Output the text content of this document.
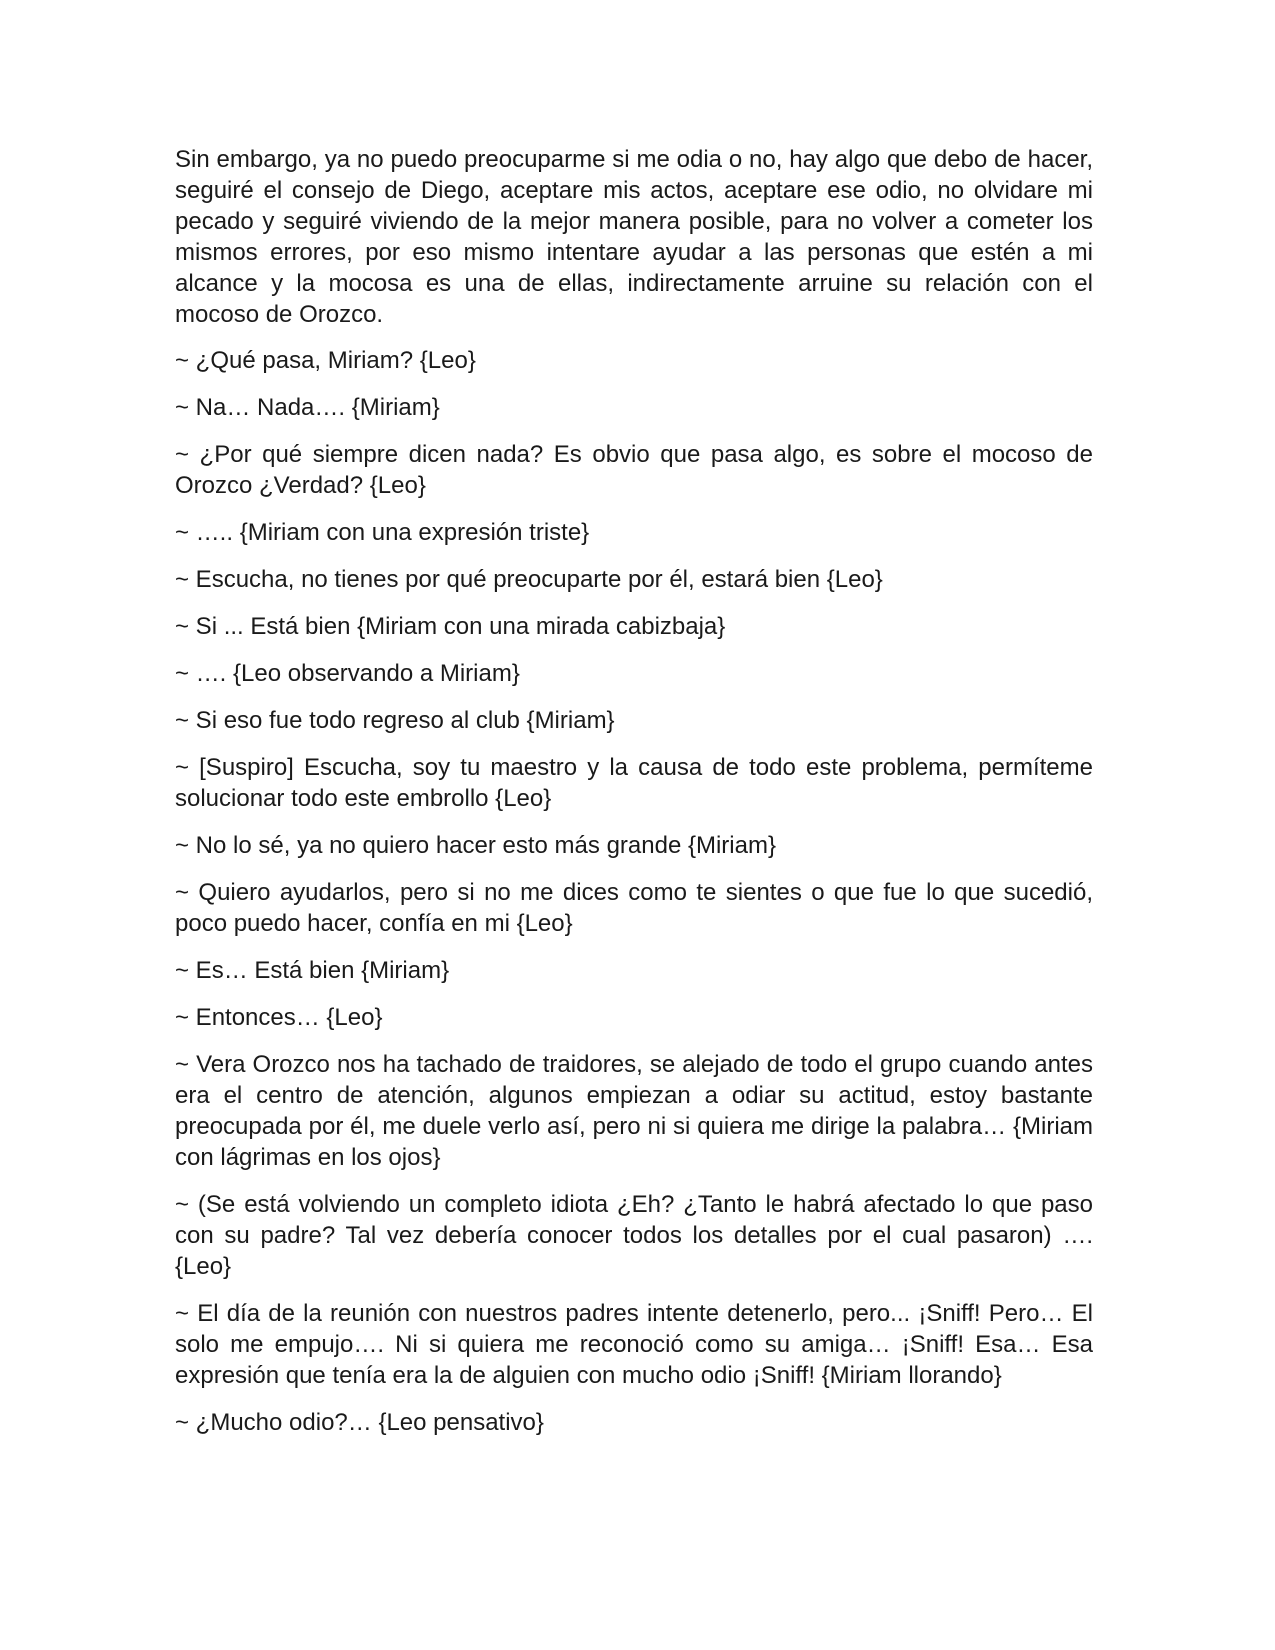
Sin embargo, ya no puedo preocuparme si me odia o no, hay algo que debo de hacer, seguiré el consejo de Diego, aceptare mis actos, aceptare ese odio, no olvidare mi pecado y seguiré viviendo de la mejor manera posible, para no volver a cometer los mismos errores, por eso mismo intentare ayudar a las personas que estén a mi alcance y la mocosa es una de ellas, indirectamente arruine su relación con el mocoso de Orozco.

~ ¿Qué pasa, Miriam? {Leo}

~ Na… Nada…. {Miriam}

~ ¿Por qué siempre dicen nada? Es obvio que pasa algo, es sobre el mocoso de Orozco ¿Verdad? {Leo}

~ ….. {Miriam con una expresión triste}

~ Escucha, no tienes por qué preocuparte por él, estará bien {Leo}

~ Si ... Está bien {Miriam con una mirada cabizbaja}

~ …. {Leo observando a Miriam}

~ Si eso fue todo regreso al club {Miriam}

~ [Suspiro] Escucha, soy tu maestro y la causa de todo este problema, permíteme solucionar todo este embrollo {Leo}

~ No lo sé, ya no quiero hacer esto más grande {Miriam}

~ Quiero ayudarlos, pero si no me dices como te sientes o que fue lo que sucedió, poco puedo hacer, confía en mi {Leo}

~ Es… Está bien {Miriam}

~ Entonces… {Leo}

~ Vera Orozco nos ha tachado de traidores, se alejado de todo el grupo cuando antes era el centro de atención, algunos empiezan a odiar su actitud, estoy bastante preocupada por él, me duele verlo así, pero ni si quiera me dirige la palabra… {Miriam con lágrimas en los ojos}

~ (Se está volviendo un completo idiota ¿Eh? ¿Tanto le habrá afectado lo que paso con su padre? Tal vez debería conocer todos los detalles por el cual pasaron) …. {Leo}

~ El día de la reunión con nuestros padres intente detenerlo, pero... ¡Sniff! Pero… El solo me empujo…. Ni si quiera me reconoció como su amiga… ¡Sniff! Esa… Esa expresión que tenía era la de alguien con mucho odio ¡Sniff! {Miriam llorando}

~ ¿Mucho odio?… {Leo pensativo}
